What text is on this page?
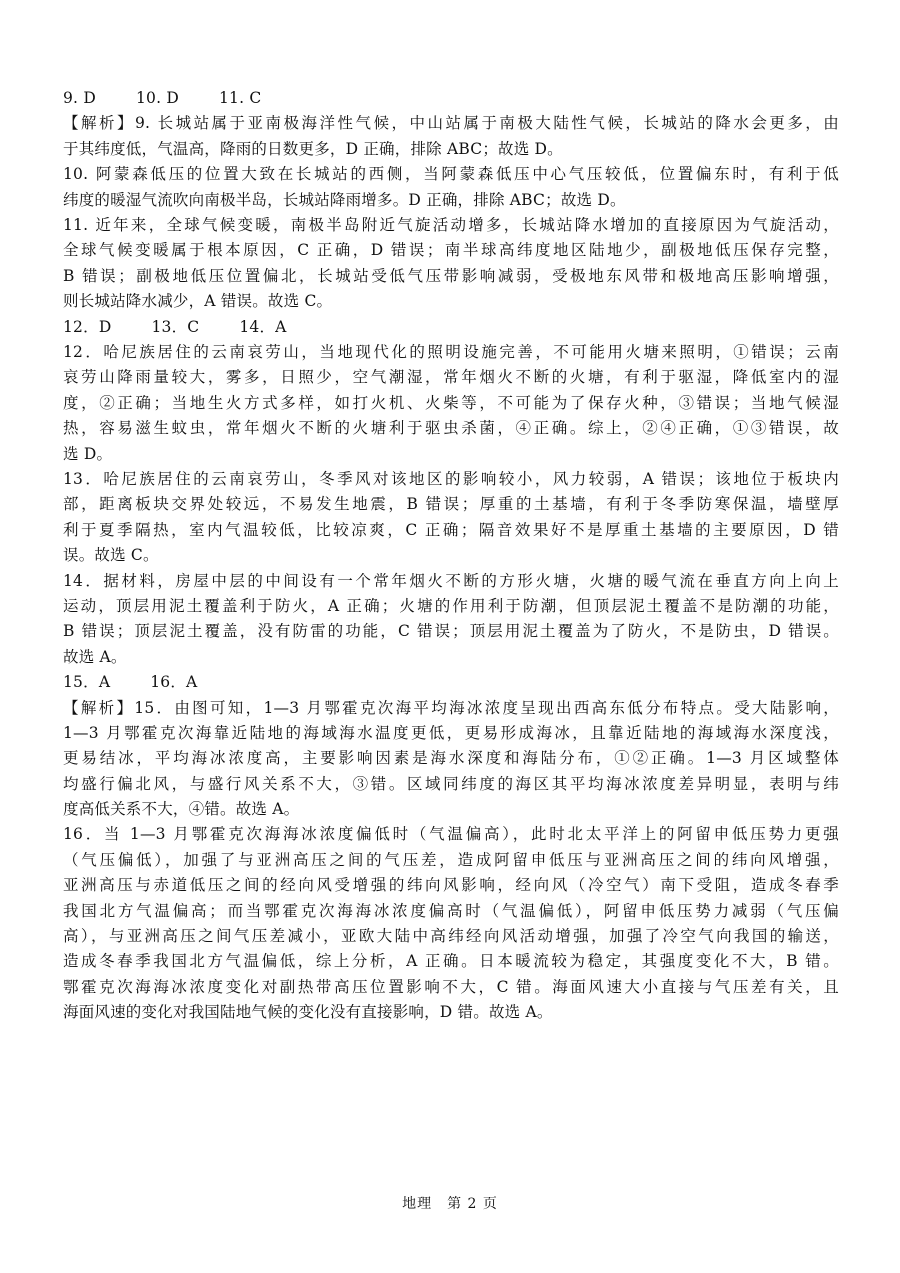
9. D	10. D	11. C

【解析】9. 长城站属于亚南极海洋性气候，中山站属于南极大陆性气候，长城站的降水会更多，由

于其纬度低，气温高，降雨的日数更多，D 正确，排除 ABC；故选 D。

10. 阿蒙森低压的位置大致在长城站的西侧，当阿蒙森低压中心气压较低，位置偏东时，有利于低

纬度的暖湿气流吹向南极半岛，长城站降雨增多。D 正确，排除 ABC；故选 D。

11. 近年来，全球气候变暖，南极半岛附近气旋活动增多，长城站降水增加的直接原因为气旋活动，

全球气候变暖属于根本原因，C 正确，D 错误；南半球高纬度地区陆地少，副极地低压保存完整，

B 错误；副极地低压位置偏北，长城站受低气压带影响减弱，受极地东风带和极地高压影响增强，

则长城站降水减少，A 错误。故选 C。

12．D	13．C	14．A

12．哈尼族居住的云南哀劳山，当地现代化的照明设施完善，不可能用火塘来照明，①错误；云南

哀劳山降雨量较大，雾多，日照少，空气潮湿，常年烟火不断的火塘，有利于驱湿，降低室内的湿

度，②正确；当地生火方式多样，如打火机、火柴等，不可能为了保存火种，③错误；当地气候湿

热，容易滋生蚊虫，常年烟火不断的火塘利于驱虫杀菌，④正确。综上，②④正确，①③错误，故

选 D。

13．哈尼族居住的云南哀劳山，冬季风对该地区的影响较小，风力较弱，A 错误；该地位于板块内

部，距离板块交界处较远，不易发生地震，B 错误；厚重的土基墙，有利于冬季防寒保温，墙壁厚

利于夏季隔热，室内气温较低，比较凉爽，C 正确；隔音效果好不是厚重土基墙的主要原因，D 错

误。故选 C。

14．据材料，房屋中层的中间设有一个常年烟火不断的方形火塘，火塘的暖气流在垂直方向上向上

运动，顶层用泥土覆盖利于防火，A 正确；火塘的作用利于防潮，但顶层泥土覆盖不是防潮的功能，

B 错误；顶层泥土覆盖，没有防雷的功能，C 错误；顶层用泥土覆盖为了防火，不是防虫，D 错误。

故选 A。

15．A	16．A

【解析】15．由图可知，1—3 月鄂霍克次海平均海冰浓度呈现出西高东低分布特点。受大陆影响，

1—3 月鄂霍克次海靠近陆地的海域海水温度更低，更易形成海冰，且靠近陆地的海域海水深度浅，

更易结冰，平均海冰浓度高，主要影响因素是海水深度和海陆分布，①②正确。1—3 月区域整体

均盛行偏北风，与盛行风关系不大，③错。区域同纬度的海区其平均海冰浓度差异明显，表明与纬

度高低关系不大，④错。故选 A。

16．当 1—3 月鄂霍克次海海冰浓度偏低时（气温偏高），此时北太平洋上的阿留申低压势力更强

（气压偏低），加强了与亚洲高压之间的气压差，造成阿留申低压与亚洲高压之间的纬向风增强，

亚洲高压与赤道低压之间的经向风受增强的纬向风影响，经向风（冷空气）南下受阻，造成冬春季

我国北方气温偏高；而当鄂霍克次海海冰浓度偏高时（气温偏低），阿留申低压势力减弱（气压偏

高），与亚洲高压之间气压差减小，亚欧大陆中高纬经向风活动增强，加强了冷空气向我国的输送，

造成冬春季我国北方气温偏低，综上分析，A 正确。日本暖流较为稳定，其强度变化不大，B 错。

鄂霍克次海海冰浓度变化对副热带高压位置影响不大，C 错。海面风速大小直接与气压差有关，且

海面风速的变化对我国陆地气候的变化没有直接影响，D 错。故选 A。

地理　第 2 页
